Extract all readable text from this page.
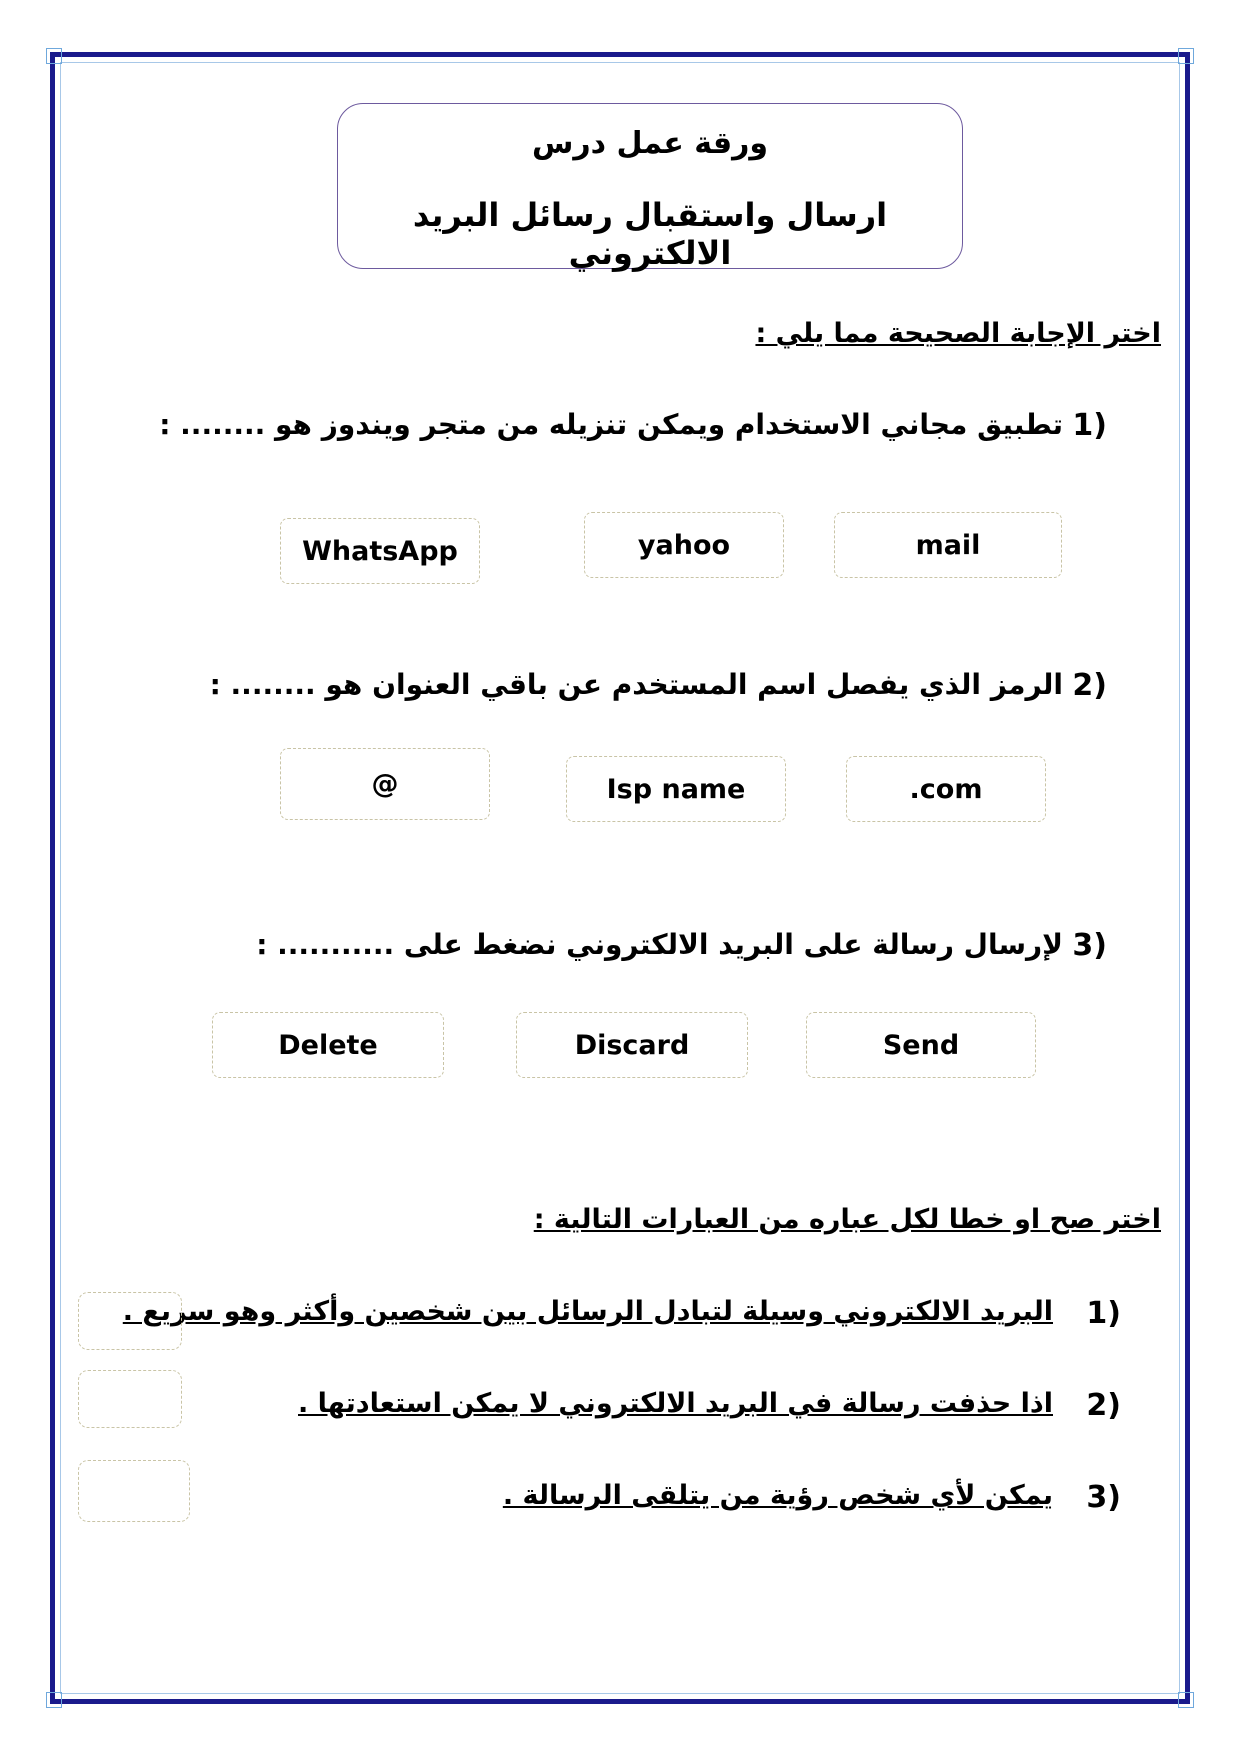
ورقة عمل درس
ارسال واستقبال رسائل البريد الالكتروني
اختر الإجابة الصحيحة مما يلي :
1)
تطبيق مجاني الاستخدام ويمكن تنزيله من متجر ويندوز هو ........ :
mail
yahoo
WhatsApp
2)
الرمز الذي يفصل اسم المستخدم عن باقي العنوان هو ........ :
.com
Isp name
@
3)
لإرسال رسالة على البريد الالكتروني نضغط على ........... :
Send
Discard
Delete
اختر صح او خطا لكل عباره من العبارات التالية :
1)
البريد الالكتروني وسيلة لتبادل الرسائل بين شخصين وأكثر وهو سريع .
2)
اذا حذفت رسالة في البريد الالكتروني لا يمكن استعادتها .
3)
يمكن لأي شخص رؤية من يتلقى الرسالة .
